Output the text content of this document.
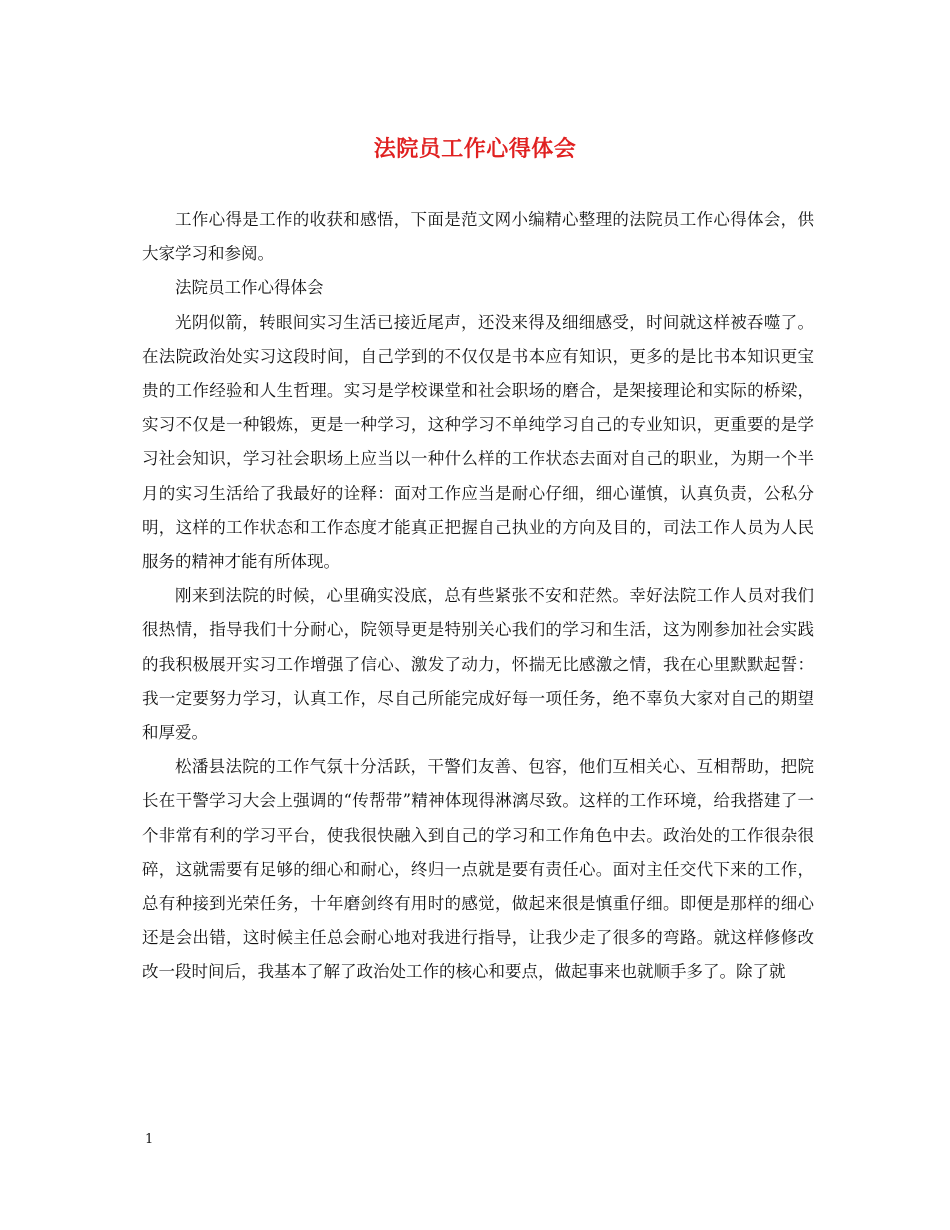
法院员工作心得体会

工作心得是工作的收获和感悟，下面是范文网小编精心整理的法院员工作心得体会，供大家学习和参阅。

法院员工作心得体会

光阴似箭，转眼间实习生活已接近尾声，还没来得及细细感受，时间就这样被吞噬了。在法院政治处实习这段时间，自己学到的不仅仅是书本应有知识，更多的是比书本知识更宝贵的工作经验和人生哲理。实习是学校课堂和社会职场的磨合，是架接理论和实际的桥梁，实习不仅是一种锻炼，更是一种学习，这种学习不单纯学习自己的专业知识，更重要的是学习社会知识，学习社会职场上应当以一种什么样的工作状态去面对自己的职业，为期一个半月的实习生活给了我最好的诠释：面对工作应当是耐心仔细，细心谨慎，认真负责，公私分明，这样的工作状态和工作态度才能真正把握自己执业的方向及目的，司法工作人员为人民服务的精神才能有所体现。

刚来到法院的时候，心里确实没底，总有些紧张不安和茫然。幸好法院工作人员对我们很热情，指导我们十分耐心，院领导更是特别关心我们的学习和生活，这为刚参加社会实践的我积极展开实习工作增强了信心、激发了动力，怀揣无比感激之情，我在心里默默起誓：我一定要努力学习，认真工作，尽自己所能完成好每一项任务，绝不辜负大家对自己的期望和厚爱。

松潘县法院的工作气氛十分活跃，干警们友善、包容，他们互相关心、互相帮助，把院长在干警学习大会上强调的“传帮带”精神体现得淋漓尽致。这样的工作环境，给我搭建了一个非常有利的学习平台，使我很快融入到自己的学习和工作角色中去。政治处的工作很杂很碎，这就需要有足够的细心和耐心，终归一点就是要有责任心。面对主任交代下来的工作，总有种接到光荣任务，十年磨剑终有用时的感觉，做起来很是慎重仔细。即便是那样的细心还是会出错，这时候主任总会耐心地对我进行指导，让我少走了很多的弯路。就这样修修改改一段时间后，我基本了解了政治处工作的核心和要点，做起事来也就顺手多了。除了就

1
